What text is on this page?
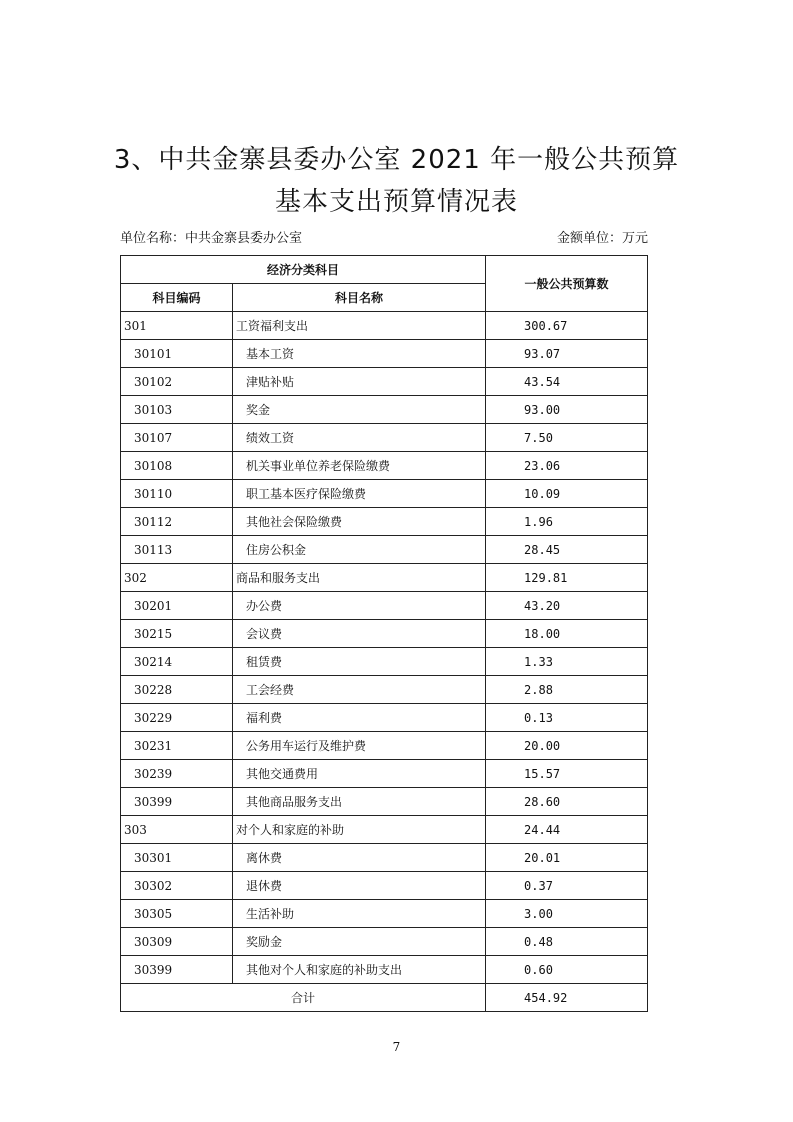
3、中共金寨县委办公室 2021 年一般公共预算
基本支出预算情况表
单位名称：中共金寨县委办公室	金额单位：万元
经济分类科目		一般公共预算数
科目编码	科目名称	
301	工资福利支出	300.67
30101	基本工资	93.07
30102	津贴补贴	43.54
30103	奖金	93.00
30107	绩效工资	7.50
30108	机关事业单位养老保险缴费	23.06
30110	职工基本医疗保险缴费	10.09
30112	其他社会保险缴费	1.96
30113	住房公积金	28.45
302	商品和服务支出	129.81
30201	办公费	43.20
30215	会议费	18.00
30214	租赁费	1.33
30228	工会经费	2.88
30229	福利费	0.13
30231	公务用车运行及维护费	20.00
30239	其他交通费用	15.57
30399	其他商品服务支出	28.60
303	对个人和家庭的补助	24.44
30301	离休费	20.01
30302	退休费	0.37
30305	生活补助	3.00
30309	奖励金	0.48
30399	其他对个人和家庭的补助支出	0.60
合计		454.92
7
